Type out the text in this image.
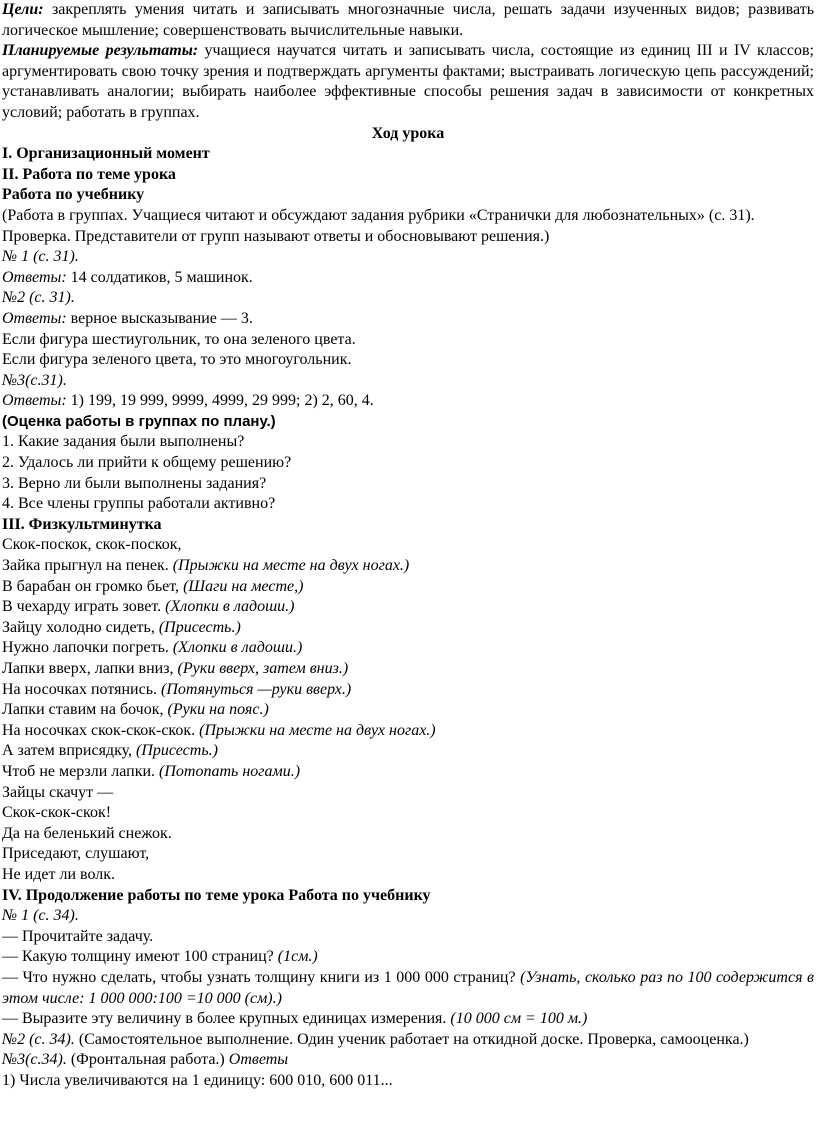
Цели: закреплять умения читать и записывать многозначные числа, решать задачи изученных видов; развивать логическое мышление; совершенствовать вычислительные навыки.

Планируемые результаты: учащиеся научатся читать и записывать числа, состоящие из единиц III и IV классов; аргументировать свою точку зрения и подтверждать аргументы фактами; выстраивать логическую цепь рассуждений; устанавливать аналогии; выбирать наиболее эффективные способы решения задач в зависимости от конкретных условий; работать в группах.

Ход урока

I. Организационный момент

II. Работа по теме урока

Работа по учебнику

(Работа в группах. Учащиеся читают и обсуждают задания рубрики «Странички для любознательных» (с. 31). Проверка. Представители от групп называют ответы и обосновывают решения.)

№ 1 (с. 31).

Ответы: 14 солдатиков, 5 машинок.

№2 (с. 31).

Ответы: верное высказывание — 3.

Если фигура шестиугольник, то она зеленого цвета.

Если фигура зеленого цвета, то это многоугольник.

№3(с.31).

Ответы: 1) 199, 19 999, 9999, 4999, 29 999; 2) 2, 60, 4.

(Оценка работы в группах по плану.)

1. Какие задания были выполнены?

2. Удалось ли прийти к общему решению?

3. Верно ли были выполнены задания?

4. Все члены группы работали активно?

III. Физкультминутка

Скок-поскок, скок-поскок,

Зайка прыгнул на пенек. (Прыжки на месте на двух ногах.)

В барабан он громко бьет, (Шаги на месте,)

В чехарду играть зовет. (Хлопки в ладоши.)

Зайцу холодно сидеть, (Присесть.)

Нужно лапочки погреть. (Хлопки в ладоши.)

Лапки вверх, лапки вниз, (Руки вверх, затем вниз.)

На носочках потянись. (Потянуться —руки вверх.)

Лапки ставим на бочок, (Руки на пояс.)

На носочках скок-скок-скок. (Прыжки на месте на двух ногах.)

А затем вприсядку, (Присесть.)

Чтоб не мерзли лапки. (Потопать ногами.)

Зайцы скачут —

Скок-скок-скок!

Да на беленький снежок.

Приседают, слушают,

Не идет ли волк.

IV. Продолжение работы по теме урока Работа по учебнику

№ 1 (с. 34).

— Прочитайте задачу.

— Какую толщину имеют 100 страниц? (1см.)

— Что нужно сделать, чтобы узнать толщину книги из 1 000 000 страниц? (Узнать, сколько раз по 100 содержится в этом числе: 1 000 000:100 =10 000 (см).)

— Выразите эту величину в более крупных единицах измерения. (10 000 см = 100 м.)

№2 (с. 34). (Самостоятельное выполнение. Один ученик работает на откидной доске. Проверка, самооценка.)

№3(с.34). (Фронтальная работа.) Ответы

1) Числа увеличиваются на 1 единицу: 600 010, 600 011...
